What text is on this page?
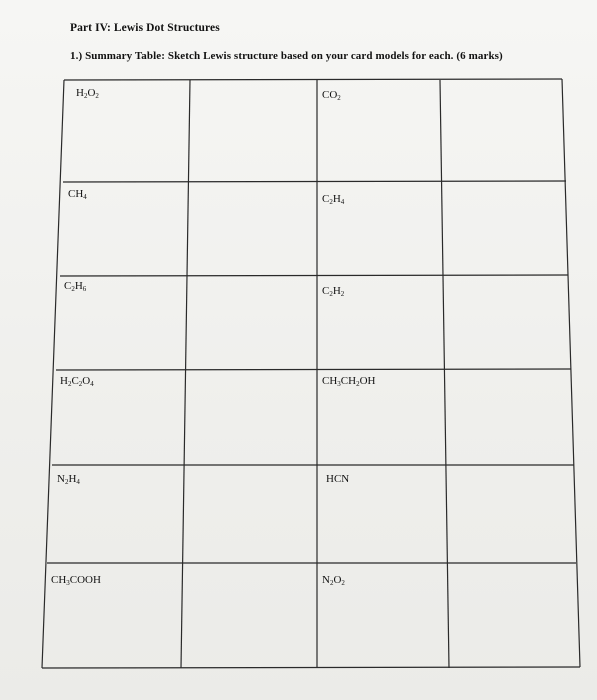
Part IV: Lewis Dot Structures
1.) Summary Table: Sketch Lewis structure based on your card models for each. (6 marks)
$H_2O_2$	$CO_2$
$CH_4$	$C_2H_4$
$C_2H_6$	$C_2H_2$
$H_2C_2O_4$	$CH_3CH_2OH$
$N_2H_4$	HCN
$CH_3COOH$	$N_2O_2$
